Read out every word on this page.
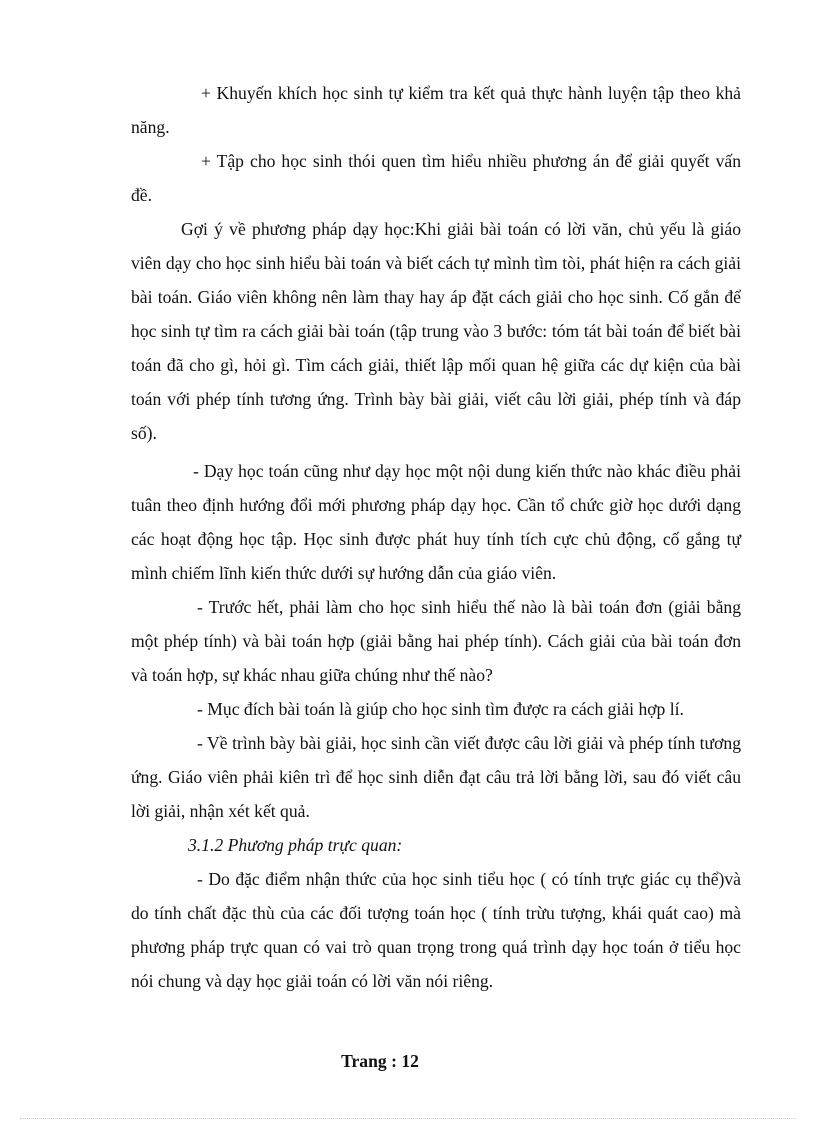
+ Khuyến khích học sinh tự kiểm tra kết quả thực hành luyện tập theo khả năng.

+ Tập cho học sinh thói quen tìm hiểu nhiều phương án để giải quyết vấn đề.

Gợi ý về phương pháp dạy học:Khi giải bài toán có lời văn, chủ yếu là giáo viên dạy cho học sinh hiểu bài toán và biết cách tự mình tìm tòi, phát hiện ra cách giải bài toán. Giáo viên không nên làm thay hay áp đặt cách giải cho học sinh. Cố gắn để học sinh tự tìm ra cách giải bài toán (tập trung vào 3 bước: tóm tát bài toán để biết bài toán đã cho gì, hỏi gì. Tìm cách giải, thiết lập mối quan hệ giữa các dự kiện của bài toán với phép tính tương ứng. Trình bày bài giải, viết câu lời giải, phép tính và đáp số).

- Dạy học toán cũng như dạy học một nội dung kiến thức nào khác điều phải tuân theo định hướng đổi mới phương pháp dạy học. Cần tổ chức giờ học dưới dạng các hoạt động học tập. Học sinh được phát huy tính tích cực chủ động, cố gắng tự mình chiếm lĩnh kiến thức dưới sự hướng dẫn của giáo viên.

- Trước hết, phải làm cho học sinh hiểu thế nào là bài toán đơn (giải bằng một phép tính) và bài toán hợp (giải bằng hai phép tính). Cách giải của bài toán đơn và toán hợp, sự khác nhau giữa chúng như thế nào?

- Mục đích bài toán là giúp cho học sinh tìm được ra cách giải hợp lí.

- Về trình bày bài giải, học sinh cần viết được câu lời giải và phép tính tương ứng. Giáo viên phải kiên trì để học sinh diễn đạt câu trả lời bằng lời, sau đó viết câu lời giải, nhận xét kết quả.

3.1.2 Phương pháp trực quan:

- Do đặc điểm nhận thức của học sinh tiểu học ( có tính trực giác cụ thể)và do tính chất đặc thù của các đối tượng toán học ( tính trừu tượng, khái quát cao) mà phương pháp trực quan có vai trò quan trọng trong quá trình dạy học toán ở tiểu học nói chung và dạy học giải toán có lời văn nói riêng.

Trang : 12
